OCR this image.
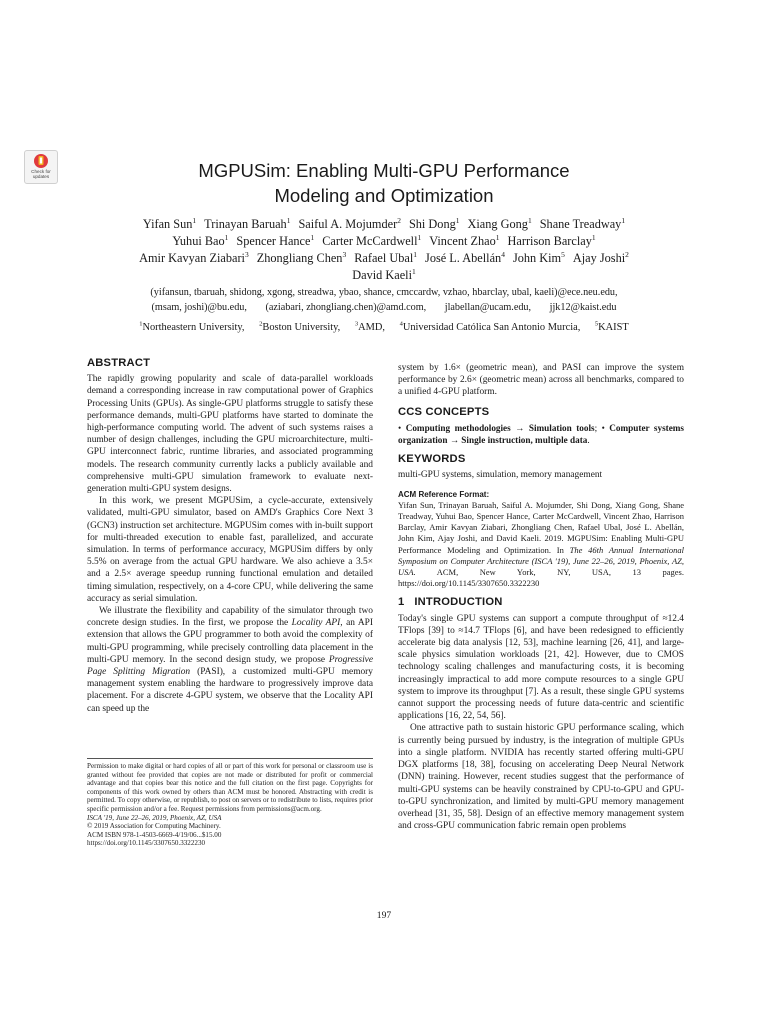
Check for
updates	MGPUSim: Enabling Multi-GPU Performance
Modeling and Optimization
Yifan Sun$^1$ Trinayan Baruah$^1$ Saiful A. Mojumder$^2$ Shi Dong$^1$ Xiang Gong$^1$ Shane Treadway$^1$
Yuhui Bao$^1$ Spencer Hance$^1$ Carter McCardwell$^1$ Vincent Zhao$^1$ Harrison Barclay$^1$
Amir Kavyan Ziabari$^3$ Zhongliang Chen$^3$ Rafael Ubal$^1$ José L. Abellán$^4$ John Kim$^5$ Ajay Joshi$^2$
David Kaeli$^1$
(yifansun, tbaruah, shidong, xgong, streadwa, ybao, shance, cmccardw, vzhao, hbarclay, ubal, kaeli)@ece.neu.edu,
(msam, joshi)@bu.edu, (aziabari, zhongliang.chen)@amd.com, jlabellan@ucam.edu, jjk12@kaist.edu
$^1$Northeastern University, $^2$Boston University, $^3$AMD, $^4$Universidad Católica San Antonio Murcia, $^5$KAIST
ABSTRACT

The rapidly growing popularity and scale of data-parallel workloads demand a corresponding increase in raw computational power of Graphics Processing Units (GPUs). As single-GPU platforms struggle to satisfy these performance demands, multi-GPU platforms have started to dominate the high-performance computing world. The advent of such systems raises a number of design challenges, including the GPU microarchitecture, multi-GPU interconnect fabric, runtime libraries, and associated programming models. The research community currently lacks a publicly available and comprehensive multi-GPU simulation framework to evaluate next-generation multi-GPU system designs.

In this work, we present MGPUSim, a cycle-accurate, extensively validated, multi-GPU simulator, based on AMD's Graphics Core Next 3 (GCN3) instruction set architecture. MGPUSim comes with in-built support for multi-threaded execution to enable fast, parallelized, and accurate simulation. In terms of performance accuracy, MGPUSim differs by only 5.5% on average from the actual GPU hardware. We also achieve a 3.5× and a 2.5× average speedup running functional emulation and detailed timing simulation, respectively, on a 4-core CPU, while delivering the same accuracy as serial simulation.

We illustrate the flexibility and capability of the simulator through two concrete design studies. In the first, we propose the Locality API, an API extension that allows the GPU programmer to both avoid the complexity of multi-GPU programming, while precisely controlling data placement in the multi-GPU memory. In the second design study, we propose Progressive Page Splitting Migration (PASI), a customized multi-GPU memory management system enabling the hardware to progressively improve data placement. For a discrete 4-GPU system, we observe that the Locality API can speed up the

system by 1.6× (geometric mean), and PASI can improve the system performance by 2.6× (geometric mean) across all benchmarks, compared to a unified 4-GPU platform.

CCS CONCEPTS

• Computing methodologies → Simulation tools; • Computer systems organization → Single instruction, multiple data.

KEYWORDS

multi-GPU systems, simulation, memory management

ACM Reference Format:

Yifan Sun, Trinayan Baruah, Saiful A. Mojumder, Shi Dong, Xiang Gong, Shane Treadway, Yuhui Bao, Spencer Hance, Carter McCardwell, Vincent Zhao, Harrison Barclay, Amir Kavyan Ziabari, Zhongliang Chen, Rafael Ubal, José L. Abellán, John Kim, Ajay Joshi, and David Kaeli. 2019. MGPUSim: Enabling Multi-GPU Performance Modeling and Optimization. In The 46th Annual International Symposium on Computer Architecture (ISCA '19), June 22–26, 2019, Phoenix, AZ, USA. ACM, New York, NY, USA, 13 pages. https://doi.org/10.1145/3307650.3322230

1   INTRODUCTION

Today's single GPU systems can support a compute throughput of ≈12.4 TFlops [39] to ≈14.7 TFlops [6], and have been redesigned to efficiently accelerate big data analysis [12, 53], machine learning [26, 41], and large-scale physics simulation workloads [21, 42]. However, due to CMOS technology scaling challenges and manufacturing costs, it is becoming increasingly impractical to add more compute resources to a single GPU system to improve its throughput [7]. As a result, these single GPU systems cannot support the processing needs of future data-centric and scientific applications [16, 22, 54, 56].

One attractive path to sustain historic GPU performance scaling, which is currently being pursued by industry, is the integration of multiple GPUs into a single platform. NVIDIA has recently started offering multi-GPU DGX platforms [18, 38], focusing on accelerating Deep Neural Network (DNN) training. However, recent studies suggest that the performance of multi-GPU systems can be heavily constrained by CPU-to-GPU and GPU-to-GPU synchronization, and limited by multi-GPU memory management overhead [31, 35, 58]. Design of an effective memory management system and cross-GPU communication fabric remain open problems

Permission to make digital or hard copies of all or part of this work for personal or classroom use is granted without fee provided that copies are not made or distributed for profit or commercial advantage and that copies bear this notice and the full citation on the first page. Copyrights for components of this work owned by others than ACM must be honored. Abstracting with credit is permitted. To copy otherwise, or republish, to post on servers or to redistribute to lists, requires prior specific permission and/or a fee. Request permissions from permissions@acm.org.
ISCA '19, June 22–26, 2019, Phoenix, AZ, USA
© 2019 Association for Computing Machinery.
ACM ISBN 978-1-4503-6669-4/19/06...$15.00
https://doi.org/10.1145/3307650.3322230
197
